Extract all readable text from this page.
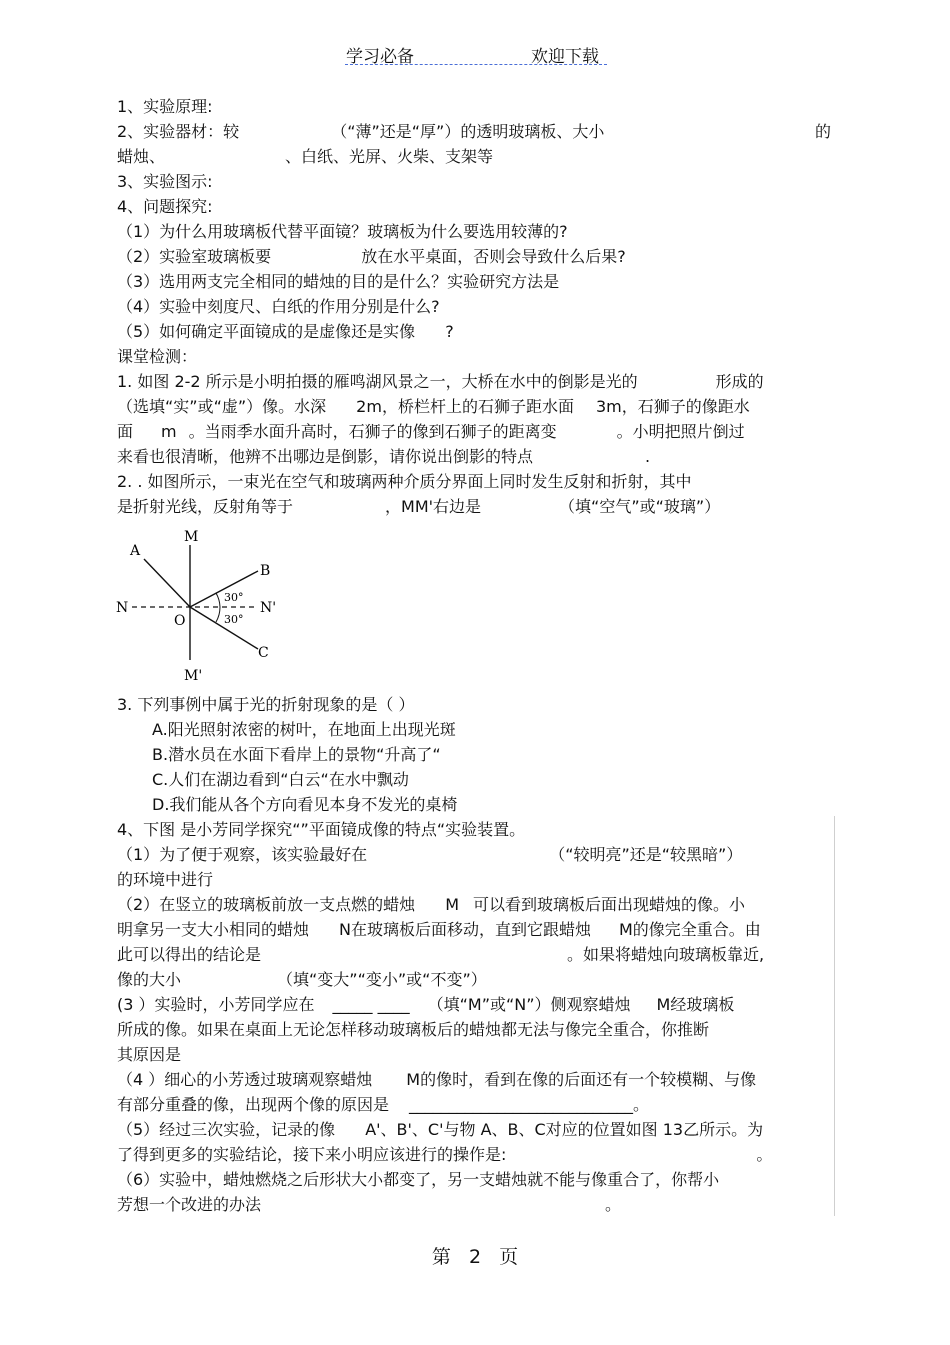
学习必备	欢迎下载
1、实验原理:
2、实验器材：较	（“薄”还是“厚”）的透明玻璃板、大小	的
蜡烛、	、白纸、光屏、火柴、支架等
3、实验图示:
4、问题探究:
（1）为什么用玻璃板代替平面镜？玻璃板为什么要选用较薄的?
（2）实验室玻璃板要	放在水平桌面，否则会导致什么后果?
（3）选用两支完全相同的蜡烛的目的是什么？实验研究方法是
（4）实验中刻度尺、白纸的作用分别是什么?
（5）如何确定平面镜成的是虚像还是实像 ?
课堂检测：
1. 如图 2-2 所示是小明拍摄的雁鸣湖风景之一，大桥在水中的倒影是光的	形成的
（选填“实”或“虚”）像。水深 2m，桥栏杆上的石狮子距水面 3m，石狮子的像距水
面 m 。当雨季水面升高时，石狮子的像到石狮子的距离变	。小明把照片倒过
来看也很清晰，他辨不出哪边是倒影，请你说出倒影的特点	.
2. . 如图所示，一束光在空气和玻璃两种介质分界面上同时发生反射和折射，其中
是折射光线，反射角等于	，MM'右边是	（填“空气”或“玻璃”）
30°
30°
A
M
B
N	N'
O
C
M'
3. 下列事例中属于光的折射现象的是（ ）
A.阳光照射浓密的树叶，在地面上出现光斑
B.潜水员在水面下看岸上的景物“升高了“
C.人们在湖边看到“白云“在水中飘动
D.我们能从各个方向看见本身不发光的桌椅
4、下图 是小芳同学探究“”平面镜成像的特点“实验装置。
（1）为了便于观察，该实验最好在	（“较明亮”还是“较黑暗”）
的环境中进行
（2）在竖立的玻璃板前放一支点燃的蜡烛 M 可以看到玻璃板后面出现蜡烛的像。小
明拿另一支大小相同的蜡烛 N在玻璃板后面移动，直到它跟蜡烛 M的像完全重合。由
此可以得出的结论是	。如果将蜡烛向玻璃板靠近,
像的大小	（填“变大”“变小”或“不变”）
(3 ）实验时，小芳同学应在 _____ ____ （填“M”或“N”）侧观察蜡烛 M经玻璃板
所成的像。如果在桌面上无论怎样移动玻璃板后的蜡烛都无法与像完全重合，你推断
其原因是
（4 ）细心的小芳透过玻璃观察蜡烛 M的像时，看到在像的后面还有一个较模糊、与像
有部分重叠的像，出现两个像的原因是 ____________________________。
（5）经过三次实验，记录的像 A'、B'、C'与物 A、B、C对应的位置如图 13乙所示。为
了得到更多的实验结论，接下来小明应该进行的操作是:	。
（6）实验中，蜡烛燃烧之后形状大小都变了，另一支蜡烛就不能与像重合了，你帮小
芳想一个改进的办法	。
第 2 页
